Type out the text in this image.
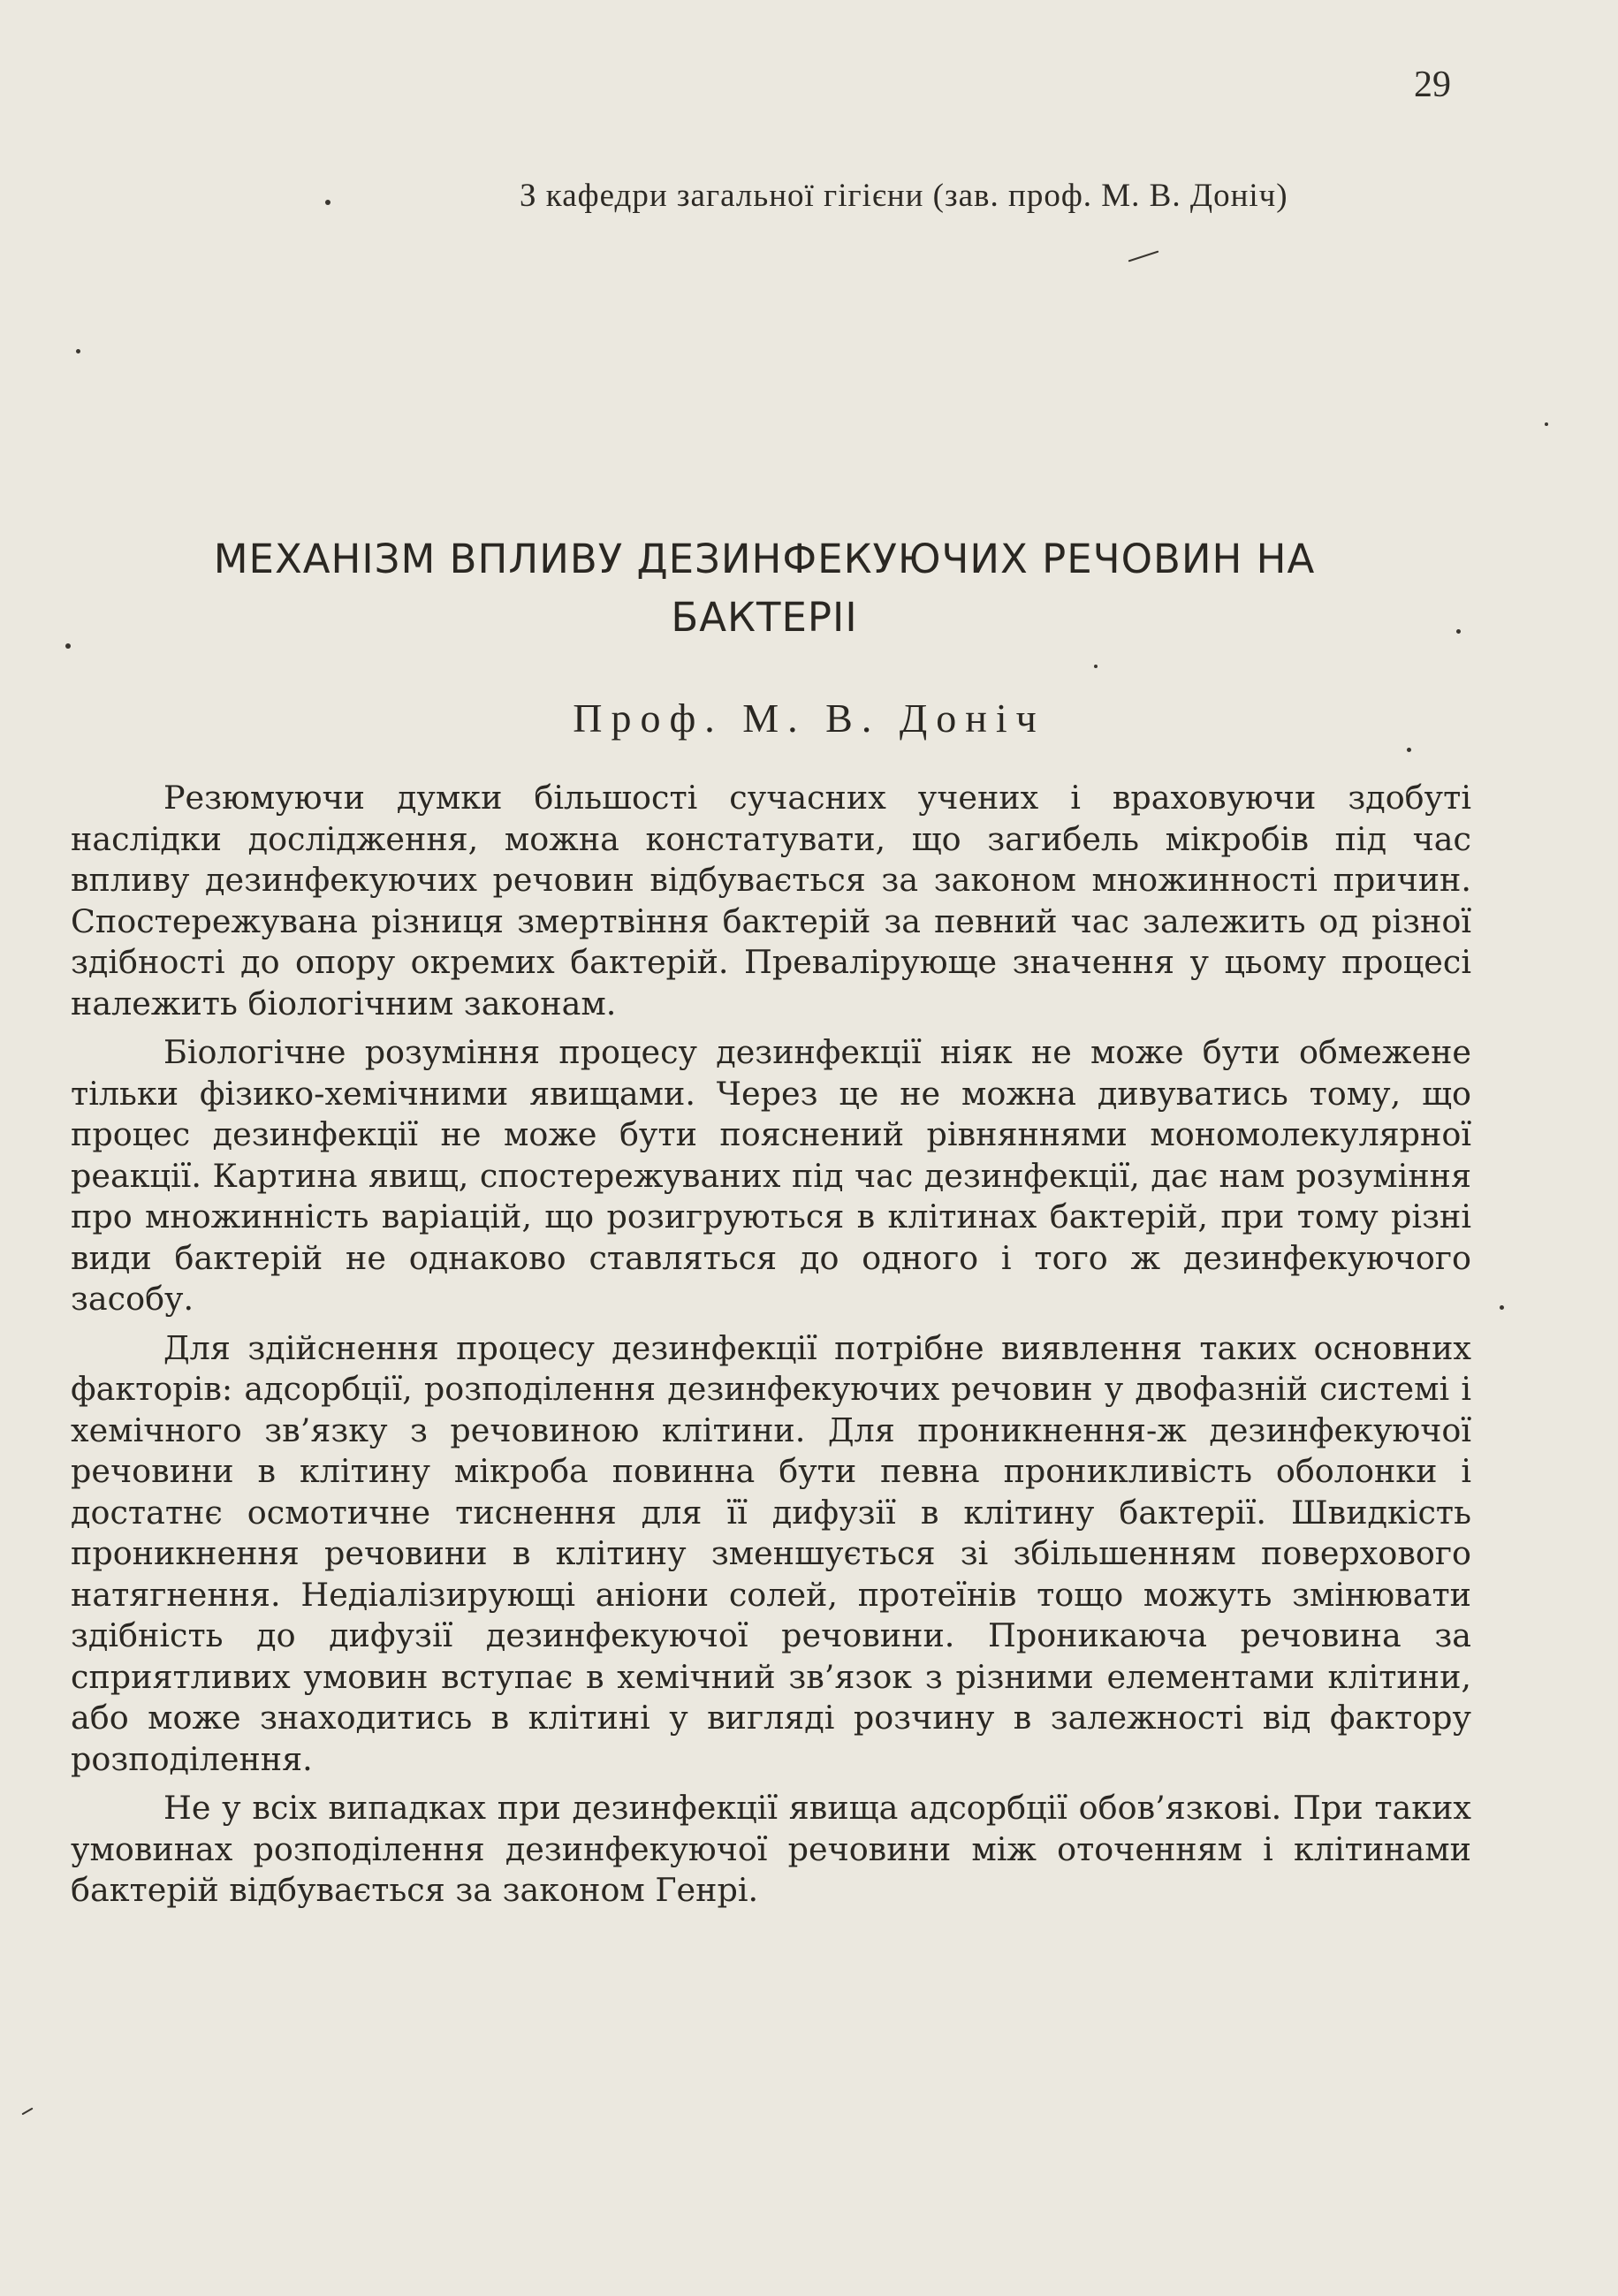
29
З кафедри загальної гігієни (зав. проф. М. В. Доніч)
МЕХАНІЗМ ВПЛИВУ ДЕЗИНФЕКУЮЧИХ РЕЧОВИН НА БАКТЕРІІ
Проф. М. В. Доніч

Резюмуючи думки більшості сучасних учених і враховуючи здобуті наслідки дослідження, можна констатувати, що загибель мікробів під час впливу дезинфекуючих речовин відбувається за законом множинності причин. Спостережувана різниця змертвіння бактерій за певний час залежить од різної здібності до опору окремих бактерій. Превалірующе значення у цьому процесі належить біологічним законам.

Біологічне розуміння процесу дезинфекції ніяк не може бути обмежене тільки фізико-хемічними явищами. Через це не можна дивуватись тому, що процес дезинфекції не може бути пояснений рівняннями мономолекулярної реакції. Картина явищ, спостережуваних під час дезинфекції, дає нам розуміння про множинність варіацій, що розигруються в клітинах бактерій, при тому різні види бактерій не однаково ставляться до одного і того ж дезинфекуючого засобу.

Для здійснення процесу дезинфекції потрібне виявлення таких основних факторів: адсорбції, розподілення дезинфекуючих речовин у двофазній системі і хемічного зв’язку з речовиною клітини. Для проникнення-ж дезинфекуючої речовини в клітину мікроба повинна бути певна проникливість оболонки і достатнє осмотичне тиснення для її дифузії в клітину бактерії. Швидкість проникнення речовини в клітину зменшується зі збільшенням поверхового натягнення. Недіалізирующі аніони солей, протеїнів тощо можуть змінювати здібність до дифузії дезинфекуючої речовини. Проникаюча речовина за сприятливих умовин вступає в хемічний зв’язок з різними елементами клітини, або може знаходитись в клітині у вигляді розчину в залежності від фактору розподілення.

Не у всіх випадках при дезинфекції явища адсорбції обов’язкові. При таких умовинах розподілення дезинфекуючої речовини між оточенням і клітинами бактерій відбувається за законом Генрі.
